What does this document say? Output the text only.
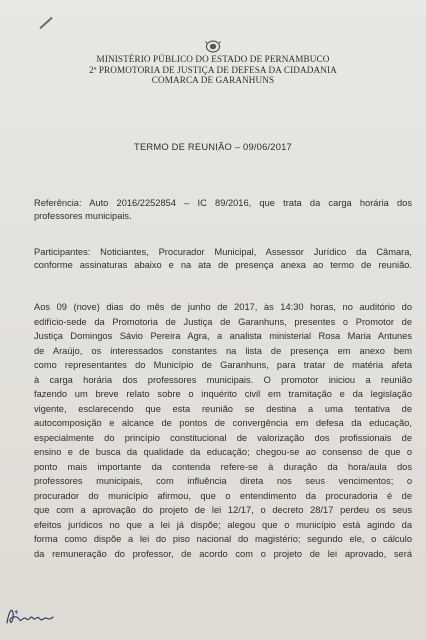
MINISTÉRIO PÚBLICO DO ESTADO DE PERNAMBUCO
2ª PROMOTORIA DE JUSTIÇA DE DEFESA DA CIDADANIA
COMARCA DE GARANHUNS
TERMO DE REUNIÃO – 09/06/2017
Referência: Auto 2016/2252854 – IC 89/2016, que trata da carga horária dos
professores municipais.
Participantes: Noticiantes, Procurador Municipal, Assessor Jurídico da Câmara,
conforme assinaturas abaixo e na ata de presença anexa ao termo de reunião.
Aos 09 (nove) dias do mês de junho de 2017, às 14:30 horas, no auditório do
edifício-sede da Promotoria de Justiça de Garanhuns, presentes o Promotor de
Justiça Domingos Sávio Pereira Agra, a analista ministerial Rosa Maria Antunes
de Araújo, os interessados constantes na lista de presença em anexo bem
como representantes do Município de Garanhuns, para tratar de matéria afeta
à carga horária dos professores municipais. O promotor iniciou a reunião
fazendo um breve relato sobre o inquérito civil em tramitação e da legislação
vigente, esclarecendo que esta reunião se destina a uma tentativa de
autocomposição e alcance de pontos de convergência em defesa da educação,
especialmente do princípio constitucional de valorização dos profissionais de
ensino e de busca da qualidade da educação; chegou-se ao consenso de que o
ponto mais importante da contenda refere-se à duração da hora/aula dos
professores municipais, com influência direta nos seus vencimentos; o
procurador do município afirmou, que o entendimento da procuradoria é de
que com a aprovação do projeto de lei 12/17, o decreto 28/17 perdeu os seus
efeitos jurídicos no que a lei já dispõe; alegou que o município está agindo da
forma como dispõe a lei do piso nacional do magistério; segundo ele, o cálculo
da remuneração do professor, de acordo com o projeto de lei aprovado, será
